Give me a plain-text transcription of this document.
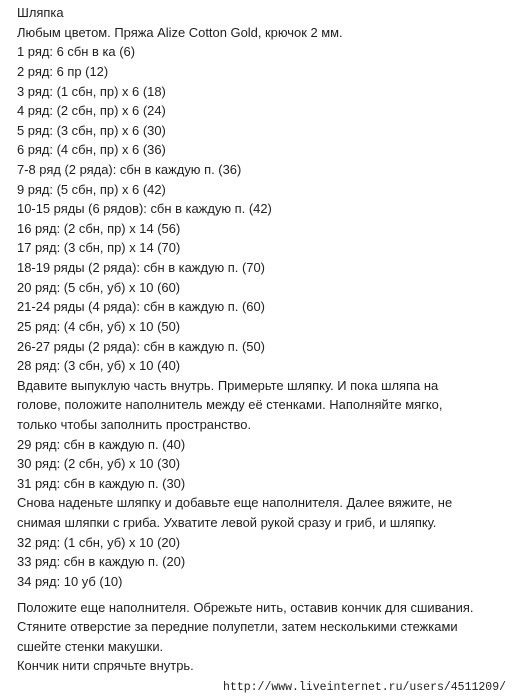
Шляпка
Любым цветом. Пряжа Alize Cotton Gold, крючок 2 мм.
1 ряд: 6 сбн в ка (6)
2 ряд: 6 пр (12)
3 ряд: (1 сбн, пр) x 6 (18)
4 ряд: (2 сбн, пр) x 6 (24)
5 ряд: (3 сбн, пр) x 6 (30)
6 ряд: (4 сбн, пр) x 6 (36)
7-8 ряд (2 ряда): сбн в каждую п. (36)
9 ряд: (5 сбн, пр) x 6 (42)
10-15 ряды (6 рядов): сбн в каждую п. (42)
16 ряд: (2 сбн, пр) x 14 (56)
17 ряд: (3 сбн, пр) x 14 (70)
18-19 ряды (2 ряда): сбн в каждую п. (70)
20 ряд: (5 сбн, уб) x 10 (60)
21-24 ряды (4 ряда): сбн в каждую п. (60)
25 ряд: (4 сбн, уб) x 10 (50)
26-27 ряды (2 ряда): сбн в каждую п. (50)
28 ряд: (3 сбн, уб) x 10 (40)
Вдавите выпуклую часть внутрь. Примерьте шляпку. И пока шляпа на
голове, положите наполнитель между её стенками. Наполняйте мягко,
только чтобы заполнить пространство.
29 ряд: сбн в каждую п. (40)
30 ряд: (2 сбн, уб) x 10 (30)
31 ряд: сбн в каждую п. (30)
Снова наденьте шляпку и добавьте еще наполнителя. Далее вяжите, не
снимая шляпки с гриба. Ухватите левой рукой сразу и гриб, и шляпку.
32 ряд: (1 сбн, уб) x 10 (20)
33 ряд: сбн в каждую п. (20)
34 ряд: 10 уб (10)
Положите еще наполнителя. Обрежьте нить, оставив кончик для сшивания.
Стяните отверстие за передние полупетли, затем несколькими стежками
сшейте стенки макушки.
Кончик нити спрячьте внутрь.
http://www.liveinternet.ru/users/4511209/
